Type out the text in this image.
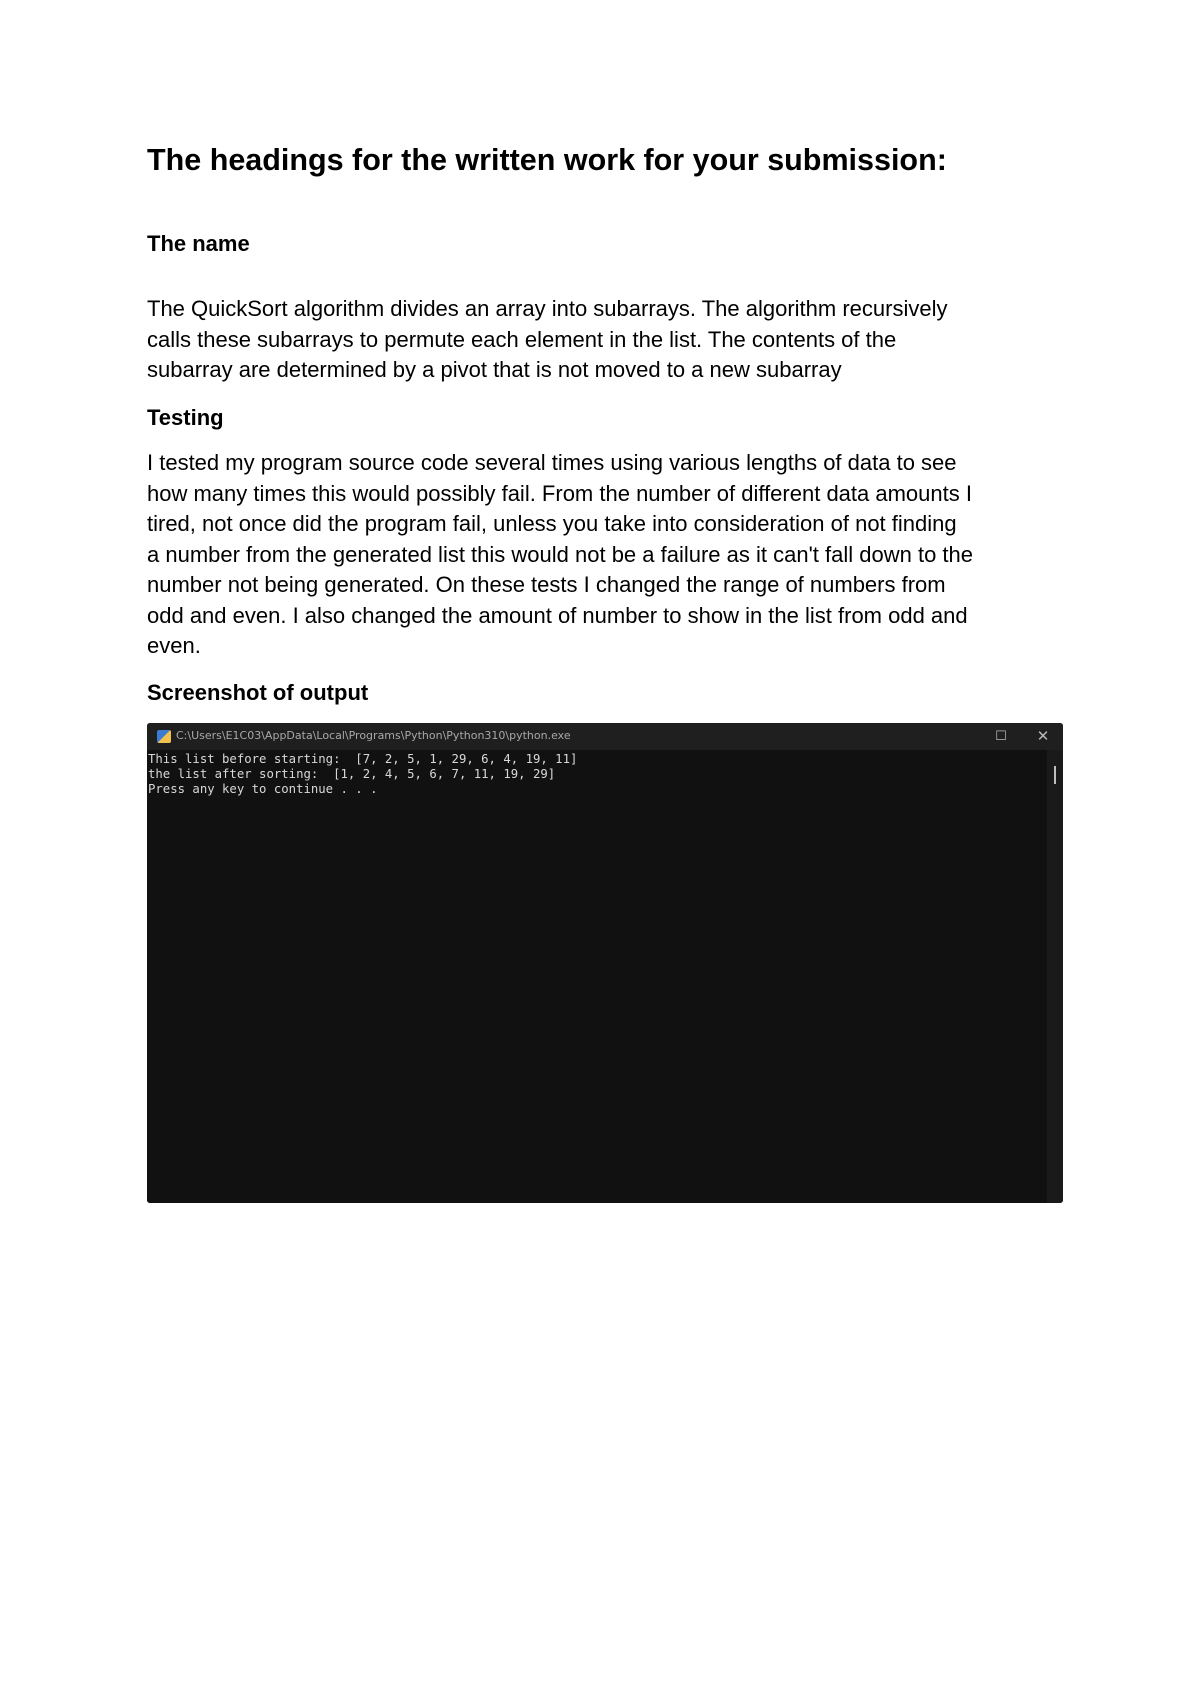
The headings for the written work for your submission:
The name

The QuickSort algorithm divides an array into subarrays. The algorithm recursively
calls these subarrays to permute each element in the list. The contents of the
subarray are determined by a pivot that is not moved to a new subarray

Testing

I tested my program source code several times using various lengths of data to see
how many times this would possibly fail. From the number of different data amounts I
tired, not once did the program fail, unless you take into consideration of not finding
a number from the generated list this would not be a failure as it can't fall down to the
number not being generated. On these tests I changed the range of numbers from
odd and even. I also changed the amount of number to show in the list from odd and
even.

Screenshot of output
C:\Users\E1C03\AppData\Local\Programs\Python\Python310\python.exe	☐ ✕
This list before starting:  [7, 2, 5, 1, 29, 6, 4, 19, 11]
the list after sorting:  [1, 2, 4, 5, 6, 7, 11, 19, 29]
Press any key to continue . . .
